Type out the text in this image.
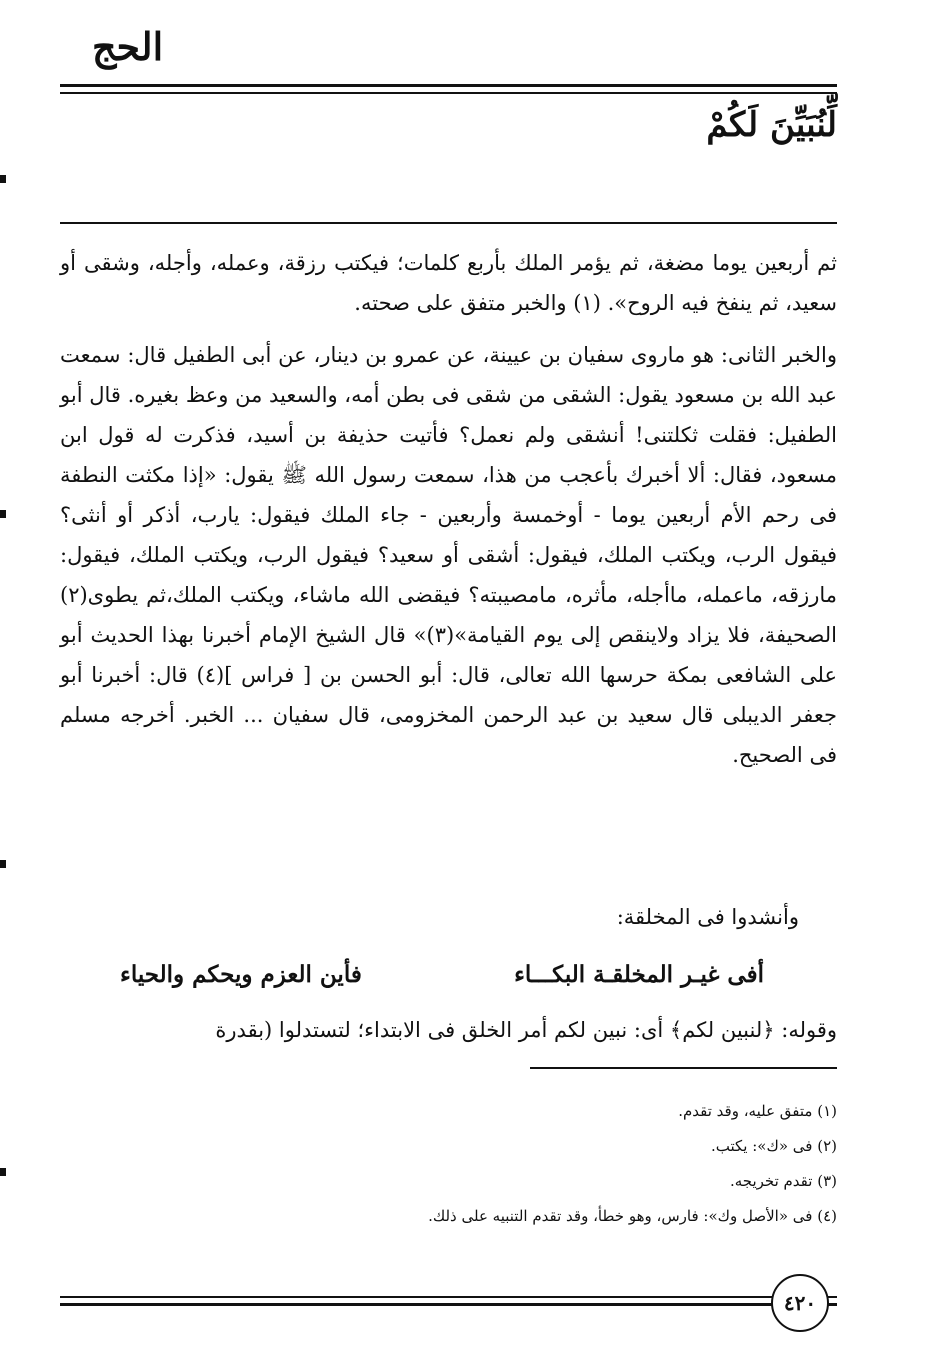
الحج
لِّنُبَيِّنَ لَكُمْ

ثم أربعين يوما مضغة، ثم يؤمر الملك بأربع كلمات؛ فيكتب رزقة، وعمله، وأجله، وشقى أو سعيد، ثم ينفخ فيه الروح». (١) والخبر متفق على صحته.

والخبر الثانى: هو ماروى سفيان بن عيينة، عن عمرو بن دينار، عن أبى الطفيل قال: سمعت عبد الله بن مسعود يقول: الشقى من شقى فى بطن أمه، والسعيد من وعظ بغيره. قال أبو الطفيل: فقلت ثكلتنى! أنشقى ولم نعمل؟ فأتيت حذيفة بن أسيد، فذكرت له قول ابن مسعود، فقال: ألا أخبرك بأعجب من هذا، سمعت رسول الله ﷺ يقول: «إذا مكثت النطفة فى رحم الأم أربعين يوما - أوخمسة وأربعين - جاء الملك فيقول: يارب، أذكر أو أنثى؟ فيقول الرب، ويكتب الملك، فيقول: أشقى أو سعيد؟ فيقول الرب، ويكتب الملك، فيقول: مارزقه، ماعمله، ماأجله، مأثره، مامصيبته؟ فيقضى الله ماشاء، ويكتب الملك،ثم يطوى(٢) الصحيفة، فلا يزاد ولاينقص إلى يوم القيامة»(٣)» قال الشيخ الإمام أخبرنا بهذا الحديث أبو على الشافعى بمكة حرسها الله تعالى، قال: أبو الحسن بن [ فراس ](٤) قال: أخبرنا أبو جعفر الديبلى قال سعيد بن عبد الرحمن المخزومى، قال سفيان ... الخبر. أخرجه مسلم فى الصحيح.

وأنشدوا فى المخلقة:
أفى غيـر المخلقـة البكـــاء
فأين العزم ويحكم والحياء
وقوله: ﴿لنبين لكم﴾ أى: نبين لكم أمر الخلق فى الابتداء؛ لتستدلوا (بقدرة
(١) متفق عليه، وقد تقدم.
(٢) فى «ك»: يكتب.
(٣) تقدم تخريجه.
(٤) فى «الأصل وك»: فارس، وهو خطأ، وقد تقدم التنبيه على ذلك.
٤٢٠
